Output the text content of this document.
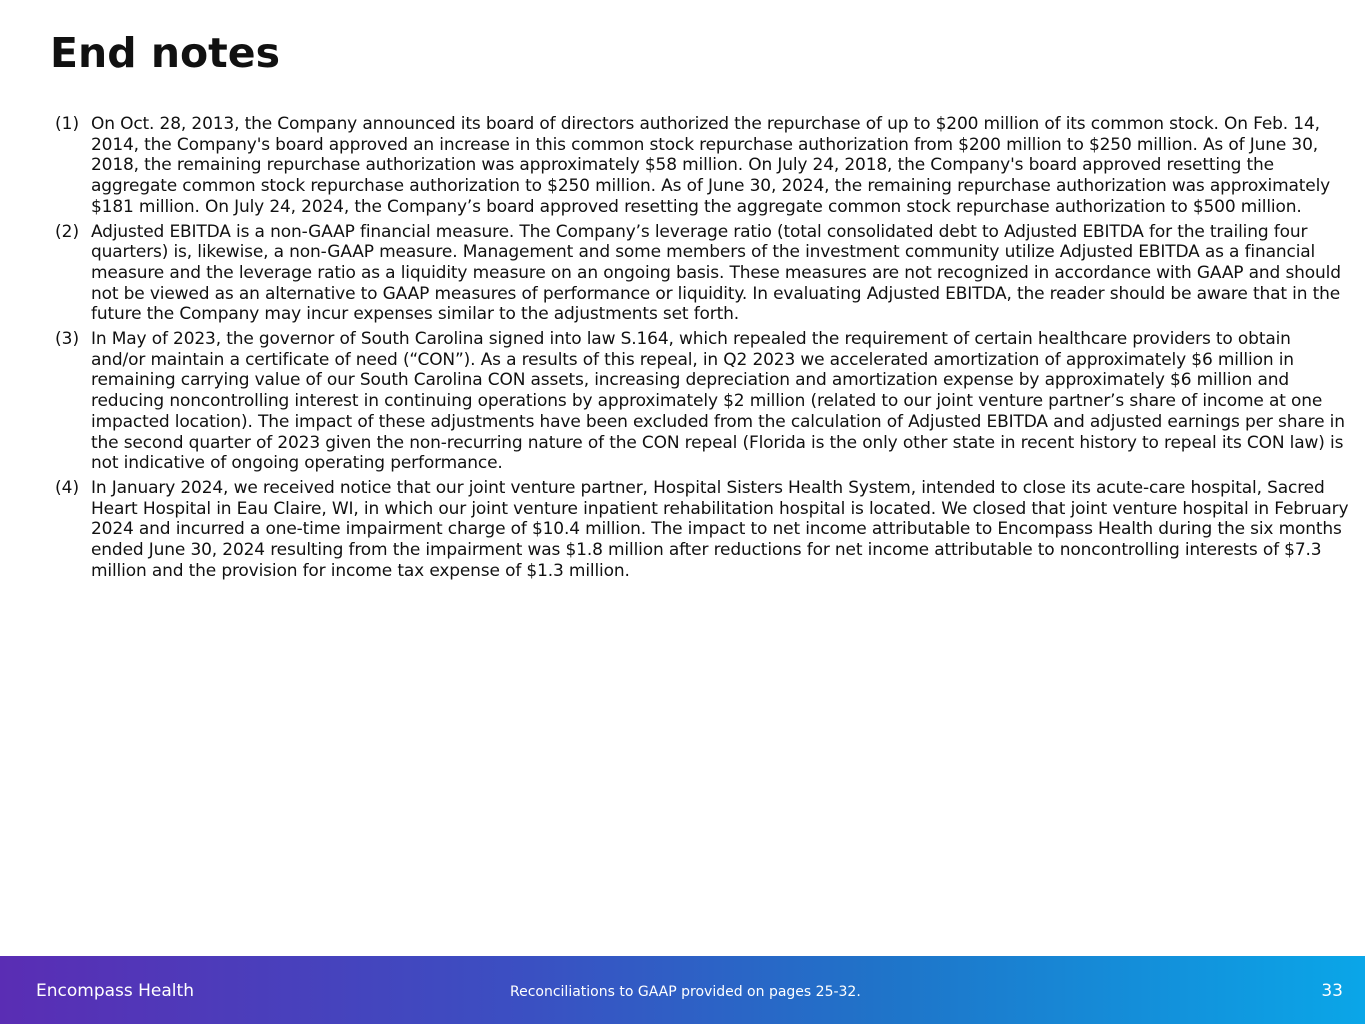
End notes
(1) On Oct. 28, 2013, the Company announced its board of directors authorized the repurchase of up to $200 million of its common stock. On Feb. 14, 2014, the Company's board approved an increase in this common stock repurchase authorization from $200 million to $250 million. As of June 30, 2018, the remaining repurchase authorization was approximately $58 million. On July 24, 2018, the Company's board approved resetting the aggregate common stock repurchase authorization to $250 million. As of June 30, 2024, the remaining repurchase authorization was approximately $181 million. On July 24, 2024, the Company’s board approved resetting the aggregate common stock repurchase authorization to $500 million.
(2) Adjusted EBITDA is a non-GAAP financial measure. The Company’s leverage ratio (total consolidated debt to Adjusted EBITDA for the trailing four quarters) is, likewise, a non-GAAP measure. Management and some members of the investment community utilize Adjusted EBITDA as a financial measure and the leverage ratio as a liquidity measure on an ongoing basis. These measures are not recognized in accordance with GAAP and should not be viewed as an alternative to GAAP measures of performance or liquidity. In evaluating Adjusted EBITDA, the reader should be aware that in the future the Company may incur expenses similar to the adjustments set forth.
(3) In May of 2023, the governor of South Carolina signed into law S.164, which repealed the requirement of certain healthcare providers to obtain and/or maintain a certificate of need (“CON”). As a results of this repeal, in Q2 2023 we accelerated amortization of approximately $6 million in remaining carrying value of our South Carolina CON assets, increasing depreciation and amortization expense by approximately $6 million and reducing noncontrolling interest in continuing operations by approximately $2 million (related to our joint venture partner’s share of income at one impacted location). The impact of these adjustments have been excluded from the calculation of Adjusted EBITDA and adjusted earnings per share in the second quarter of 2023 given the non-recurring nature of the CON repeal (Florida is the only other state in recent history to repeal its CON law) is not indicative of ongoing operating performance.
(4) In January 2024, we received notice that our joint venture partner, Hospital Sisters Health System, intended to close its acute-care hospital, Sacred Heart Hospital in Eau Claire, WI, in which our joint venture inpatient rehabilitation hospital is located. We closed that joint venture hospital in February 2024 and incurred a one-time impairment charge of $10.4 million. The impact to net income attributable to Encompass Health during the six months ended June 30, 2024 resulting from the impairment was $1.8 million after reductions for net income attributable to noncontrolling interests of $7.3 million and the provision for income tax expense of $1.3 million.
Encompass Health	Reconciliations to GAAP provided on pages 25-32.	33
